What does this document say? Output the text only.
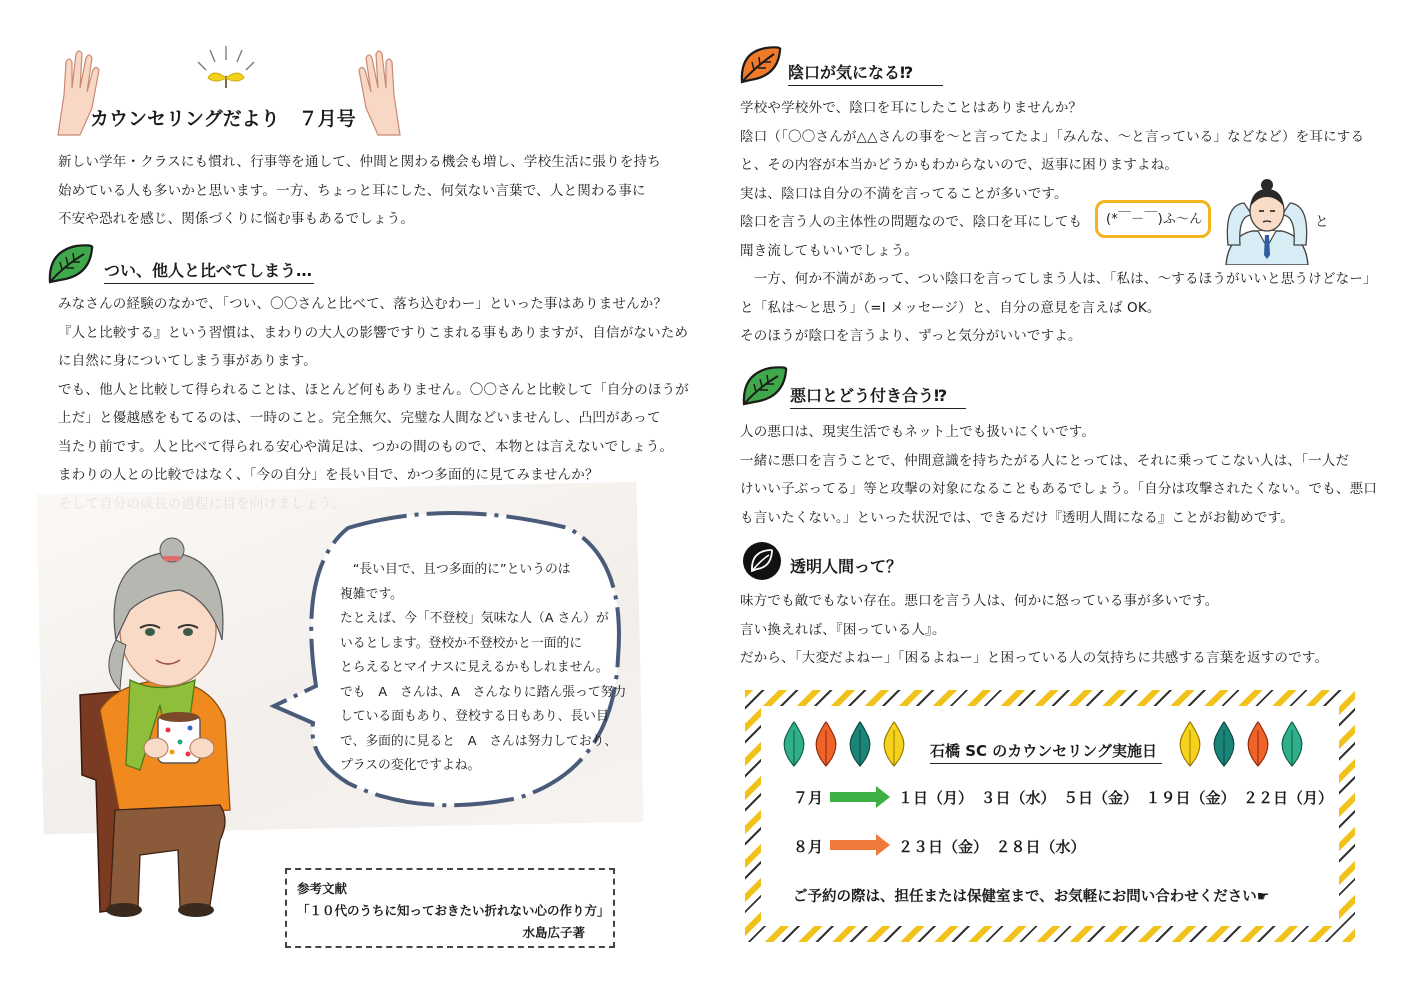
カウンセリングだより　７月号
新しい学年・クラスにも慣れ、行事等を通して、仲間と関わる機会も増し、学校生活に張りを持ち
始めている人も多いかと思います。一方、ちょっと耳にした、何気ない言葉で、人と関わる事に
不安や恐れを感じ、関係づくりに悩む事もあるでしょう。
つい、他人と比べてしまう…
みなさんの経験のなかで、「つい、〇〇さんと比べて、落ち込むわー」といった事はありませんか？
『人と比較する』という習慣は、まわりの大人の影響ですりこまれる事もありますが、自信がないため
に自然に身についてしまう事があります。
でも、他人と比較して得られることは、ほとんど何もありません。〇〇さんと比較して「自分のほうが
上だ」と優越感をもてるのは、一時のこと。完全無欠、完璧な人間などいませんし、凸凹があって
当たり前です。人と比べて得られる安心や満足は、つかの間のもので、本物とは言えないでしょう。
まわりの人との比較ではなく、「今の自分」を長い目で、かつ多面的に見てみませんか？
　“長い目で、且つ多面的に”というのは
複雑です。
たとえば、今「不登校」気味な人（A さん）が
いるとします。登校か不登校かと一面的に
とらえるとマイナスに見えるかもしれません。
でも　A　さんは、A　さんなりに踏ん張って努力
している面もあり、登校する日もあり、長い目
で、多面的に見ると　A　さんは努力しており、
プラスの変化ですよね。
参考文献
「１０代のうちに知っておきたい折れない心の作り方」
水島広子著
陰口が気になる⁉
学校や学校外で、陰口を耳にしたことはありませんか？
陰口（「〇〇さんが△△さんの事を～と言ってたよ」「みんな、～と言っている」などなど）を耳にする
と、その内容が本当かどうかもわからないので、返事に困りますよね。
実は、陰口は自分の不満を言ってることが多いです。
陰口を言う人の主体性の問題なので、陰口を耳にしても	(*￣－￣)ふ～ん	と
聞き流してもいいでしょう。
　一方、何か不満があって、つい陰口を言ってしまう人は、「私は、～するほうがいいと思うけどなー」
と「私は～と思う」（=I メッセージ）と、自分の意見を言えば OK。
そのほうが陰口を言うより、ずっと気分がいいですよ。
悪口とどう付き合う⁉
人の悪口は、現実生活でもネット上でも扱いにくいです。
一緒に悪口を言うことで、仲間意識を持ちたがる人にとっては、それに乗ってこない人は、「一人だ
けいい子ぶってる」等と攻撃の対象になることもあるでしょう。「自分は攻撃されたくない。でも、悪口
も言いたくない。」といった状況では、できるだけ『透明人間になる』ことがお勧めです。
透明人間って？
味方でも敵でもない存在。悪口を言う人は、何かに怒っている事が多いです。
言い換えれば、『困っている人』。
だから、「大変だよねー」「困るよねー」と困っている人の気持ちに共感する言葉を返すのです。
石橋 SC のカウンセリング実施日
７月	１日（月）　３日（水）　５日（金）　１９日（金）　２２日（月）
８月	２３日（金）　２８日（水）
ご予約の際は、担任または保健室まで、お気軽にお問い合わせください☛
